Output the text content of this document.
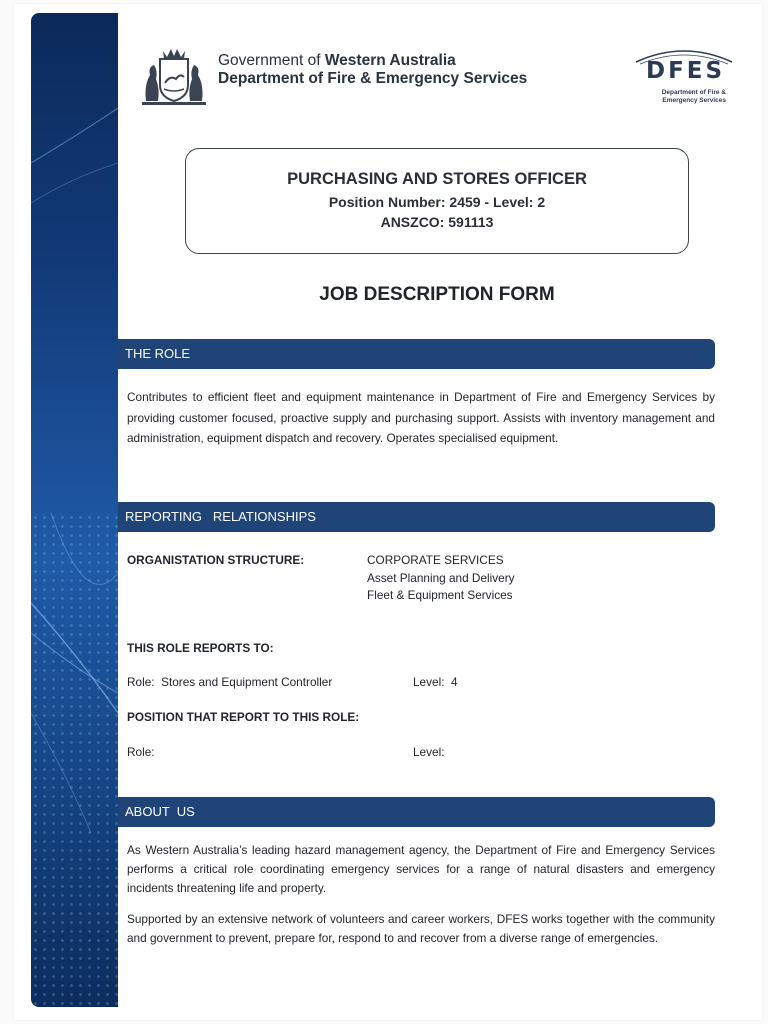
Government of Western Australia
Department of Fire & Emergency Services	DFES
Department of Fire &
Emergency Services
PURCHASING AND STORES OFFICER
Position Number: 2459 - Level: 2
ANSZCO: 591113
JOB DESCRIPTION FORM
THE ROLE
Contributes to efficient fleet and equipment maintenance in Department of Fire and Emergency Services by providing customer focused, proactive supply and purchasing support. Assists with inventory management and administration, equipment dispatch and recovery. Operates specialised equipment.
REPORTING   RELATIONSHIPS
ORGANISTATION STRUCTURE:	CORPORATE SERVICES
Asset Planning and Delivery
Fleet & Equipment Services
THIS ROLE REPORTS TO:
Role:  Stores and Equipment Controller	Level:  4
POSITION THAT REPORT TO THIS ROLE:
Role:	Level:
ABOUT  US
As Western Australia’s leading hazard management agency, the Department of Fire and Emergency Services performs a critical role coordinating emergency services for a range of natural disasters and emergency incidents threatening life and property.
Supported by an extensive network of volunteers and career workers, DFES works together with the community and government to prevent, prepare for, respond to and recover from a diverse range of emergencies.
